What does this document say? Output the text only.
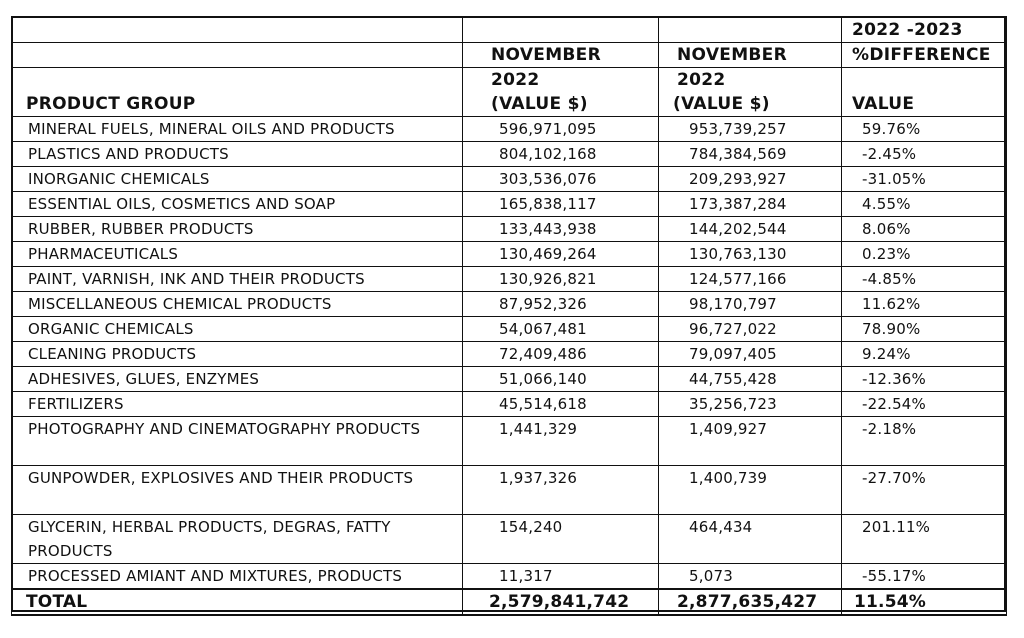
			2022 -2023
	NOVEMBER	NOVEMBER	%DIFFERENCE
	2022	2022	
PRODUCT GROUP	(VALUE $)	(VALUE $)	VALUE
MINERAL FUELS, MINERAL OILS AND PRODUCTS	596,971,095	953,739,257	59.76%
PLASTICS AND PRODUCTS	804,102,168	784,384,569	-2.45%
INORGANIC CHEMICALS	303,536,076	209,293,927	-31.05%
ESSENTIAL OILS, COSMETICS AND SOAP	165,838,117	173,387,284	4.55%
RUBBER, RUBBER PRODUCTS	133,443,938	144,202,544	8.06%
PHARMACEUTICALS	130,469,264	130,763,130	0.23%
PAINT, VARNISH, INK AND THEIR PRODUCTS	130,926,821	124,577,166	-4.85%
MISCELLANEOUS CHEMICAL PRODUCTS	87,952,326	98,170,797	11.62%
ORGANIC CHEMICALS	54,067,481	96,727,022	78.90%
CLEANING PRODUCTS	72,409,486	79,097,405	9.24%
ADHESIVES, GLUES, ENZYMES	51,066,140	44,755,428	-12.36%
FERTILIZERS	45,514,618	35,256,723	-22.54%
PHOTOGRAPHY AND CINEMATOGRAPHY PRODUCTS	1,441,329	1,409,927	-2.18%
GUNPOWDER, EXPLOSIVES AND THEIR PRODUCTS	1,937,326	1,400,739	-27.70%
GLYCERIN, HERBAL PRODUCTS, DEGRAS, FATTY PRODUCTS	154,240	464,434	201.11%
PROCESSED AMIANT AND MIXTURES, PRODUCTS	11,317	5,073	-55.17%
TOTAL	2,579,841,742	2,877,635,427	11.54%
